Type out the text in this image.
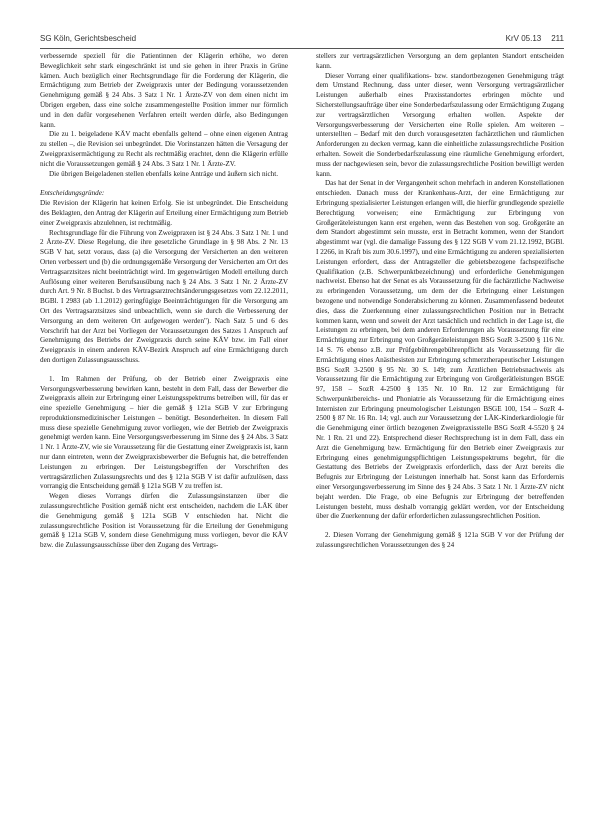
SG Köln, Gerichtsbescheid	KrV 05.13 211

verbessernde speziell für die Patientinnen der Klägerin erhöhe, wo deren Beweglichkeit sehr stark eingeschränkt ist und sie gehen in ihrer Praxis in Grüne kämen. Auch bezüglich einer Rechtsgrundlage für die Forderung der Klägerin, die Ermächtigung zum Betrieb der Zweigpraxis unter der Bedingung voraussetzenden Genehmigung gemäß § 24 Abs. 3 Satz 1 Nr. 1 Ärzte-ZV von dem einen nicht im Übrigen ergeben, dass eine solche zusammengestellte Position immer nur förmlich und in den dafür vorgesehenen Verfahren erteilt werden dürfe, also Bedingungen kann.

Die zu 1. beigeladene KÄV macht ebenfalls geltend – ohne einen eigenen Antrag zu stellen –, die Revision sei unbegründet. Die Vorinstanzen hätten die Versagung der Zweigpraxisermächtigung zu Recht als rechtmäßig erachtet, denn die Klägerin erfülle nicht die Voraussetzungen gemäß § 24 Abs. 3 Satz 1 Nr. 1 Ärzte-ZV.

Die übrigen Beigeladenen stellen ebenfalls keine Anträge und äußern sich nicht.

Entscheidungsgründe:

Die Revision der Klägerin hat keinen Erfolg. Sie ist unbegründet. Die Entscheidung des Beklagten, den Antrag der Klägerin auf Erteilung einer Ermächtigung zum Betrieb einer Zweigpraxis abzulehnen, ist rechtmäßig.

Rechtsgrundlage für die Führung von Zweigpraxen ist § 24 Abs. 3 Satz 1 Nr. 1 und 2 Ärzte-ZV. Diese Regelung, die ihre gesetzliche Grundlage in § 98 Abs. 2 Nr. 13 SGB V hat, setzt voraus, dass (a) die Versorgung der Versicherten an den weiteren Orten verbessert und (b) die ordnungsgemäße Versorgung der Versicherten am Ort des Vertragsarztsitzes nicht beeinträchtigt wird. Im gegenwärtigen Modell erteilung durch Auflösung einer weiteren Berufsausübung nach § 24 Abs. 3 Satz 1 Nr. 2 Ärzte-ZV durch Art. 9 Nr. 8 Buchst. b des Vertragsarztrechtsänderungsgesetzes vom 22.12.2011, BGBl. I 2983 (ab 1.1.2012) geringfügige Beeinträchtigungen für die Versorgung am Ort des Vertragsarztsitzes sind unbeachtlich, wenn sie durch die Verbesserung der Versorgung an dem weiteren Ort aufgewogen werden"). Nach Satz 5 und 6 des Vorschrift hat der Arzt bei Vorliegen der Voraussetzungen des Satzes 1 Anspruch auf Genehmigung des Betriebs der Zweigpraxis durch seine KÄV bzw. im Fall einer Zweigpraxis in einem anderen KÄV-Bezirk Anspruch auf eine Ermächtigung durch den dortigen Zulassungsausschuss.

1. Im Rahmen der Prüfung, ob der Betrieb einer Zweigpraxis eine Versorgungsverbesserung bewirken kann, besteht in dem Fall, dass der Bewerber die Zweigpraxis allein zur Erbringung einer Leistungsspektrums betreiben will, für das er eine spezielle Genehmigung – hier die gemäß § 121a SGB V zur Erbringung reproduktionsmedizinischer Leistungen – benötigt. Besonderheiten. In diesem Fall muss diese spezielle Genehmigung zuvor vorliegen, wie der Betrieb der Zweigpraxis genehmigt werden kann. Eine Versorgungsverbesserung im Sinne des § 24 Abs. 3 Satz 1 Nr. 1 Ärzte-ZV, wie sie Voraussetzung für die Gestattung einer Zweigpraxis ist, kann nur dann eintreten, wenn der Zweigpraxisbewerber die Befugnis hat, die betreffenden Leistungen zu erbringen. Der Leistungsbegriffen der Vorschriften des vertragsärztlichen Zulassungsrechts und des § 121a SGB V ist dafür aufzulösen, dass vorrangig die Entscheidung gemäß § 121a SGB V zu treffen ist.

Wegen dieses Vorrangs dürfen die Zulassungsinstanzen über die zulassungsrechtliche Position gemäß nicht erst entscheiden, nachdem die LÄK über die Genehmigung gemäß § 121a SGB V entschieden hat. Nicht die zulassungsrechtliche Position ist Voraussetzung für die Erteilung der Genehmigung gemäß § 121a SGB V, sondern diese Genehmigung muss vorliegen, bevor die KÄV bzw. die Zulassungsausschüsse über den Zugang des Vertrags-

stellers zur vertragsärztlichen Versorgung an dem geplanten Standort entscheiden kann.

Dieser Vorrang einer qualifikations- bzw. standortbezogenen Genehmigung trägt dem Umstand Rechnung, dass unter dieser, wenn Versorgung vertragsärztlicher Leistungen außerhalb eines Praxisstandortes erbringen möchte und Sicherstellungsaufträge über eine Sonderbedarfszulassung oder Ermächtigung Zugang zur vertragsärztlichen Versorgung erhalten wollen. Aspekte der Versorgungsverbesserung der Versicherten eine Rolle spielen. Am weiteren – unterstellten – Bedarf mit den durch vorausgesetzten fachärztlichen und räumlichen Anforderungen zu decken vermag, kann die einheitliche zulassungsrechtliche Position erhalten. Soweit die Sonderbedarfszulassung eine räumliche Genehmigung erfordert, muss der nachgewiesen sein, bevor die zulassungsrechtliche Position bewilligt werden kann.

Das hat der Senat in der Vergangenheit schon mehrfach in anderen Konstellationen entschieden. Danach muss der Krankenhaus-Arzt, der eine Ermächtigung zur Erbringung spezialisierter Leistungen erlangen will, die hierfür grundlegende spezielle Berechtigung vorweisen; eine Ermächtigung zur Erbringung von Großgeräteleistungen kann erst ergehen, wenn das Bestehen von sog. Großgeräte an dem Standort abgestimmt sein musste, erst in Betracht kommen, wenn der Standort abgestimmt war (vgl. die damalige Fassung des § 122 SGB V vom 21.12.1992, BGBl. I 2266, in Kraft bis zum 30.6.1997), und eine Ermächtigung zu anderen spezialisierten Leistungen erfordert, dass der Antragsteller die gebietsbezogene fachspezifische Qualifikation (z.B. Schwerpunktbezeichnung) und erforderliche Genehmigungen nachweist. Ebenso hat der Senat es als Voraussetzung für die fachärztliche Nachweise zu erbringenden Voraussetzung, um dem der die Erbringung einer Leistungen bezogene und notwendige Sonderabsicherung zu können. Zusammenfassend bedeutet dies, dass die Zuerkennung einer zulassungsrechtlichen Position nur in Betracht kommen kann, wenn und soweit der Arzt tatsächlich und rechtlich in der Lage ist, die Leistungen zu erbringen, bei dem anderen Erforderungen als Voraussetzung für eine Ermächtigung zur Erbringung von Großgeräteleistungen BSG SozR 3-2500 § 116 Nr. 14 S. 76 ebenso z.B. zur Prüfgebührengebührenpflicht als Voraussetzung für die Ermächtigung eines Anästhesisten zur Erbringung schmerztherapeutischer Leistungen BSG SozR 3-2500 § 95 Nr. 30 S. 149; zum Ärztlichen Betriebsnachweis als Voraussetzung für die Ermächtigung zur Erbringung von Großgerätleistungen BSGE 97, 158 – SozR 4-2500 § 135 Nr. 10 Rn. 12 zur Ermächtigung für Schwerpunktbereichs- und Phoniatrie als Voraussetzung für die Ermächtigung eines Internisten zur Erbringung pneumologischer Leistungen BSGE 100, 154 – SozR 4-2500 § 87 Nr. 16 Rn. 14; vgl. auch zur Voraussetzung der LÄK-Kinderkardiologie für die Genehmigung einer örtlich bezogenen Zweigpraxisstelle BSG SozR 4-5520 § 24 Nr. 1 Rn. 21 und 22). Entsprechend dieser Rechtsprechung ist in dem Fall, dass ein Arzt die Genehmigung bzw. Ermächtigung für den Betrieb einer Zweigpraxis zur Erbringung eines genehmigungspflichtigen Leistungsspektrums begehrt, für die Gestattung des Betriebs der Zweigpraxis erforderlich, dass der Arzt bereits die Befugnis zur Erbringung der Leistungen innerhalb hat. Sonst kann das Erfordernis einer Versorgungsverbesserung im Sinne des § 24 Abs. 3 Satz 1 Nr. 1 Ärzte-ZV nicht bejaht werden. Die Frage, ob eine Befugnis zur Erbringung der betreffenden Leistungen besteht, muss deshalb vorrangig geklärt werden, vor der Entscheidung über die Zuerkennung der dafür erforderlichen zulassungsrechtlichen Position.

2. Diesen Vorrang der Genehmigung gemäß § 121a SGB V vor der Prüfung der zulassungsrechtlichen Voraussetzungen des § 24
